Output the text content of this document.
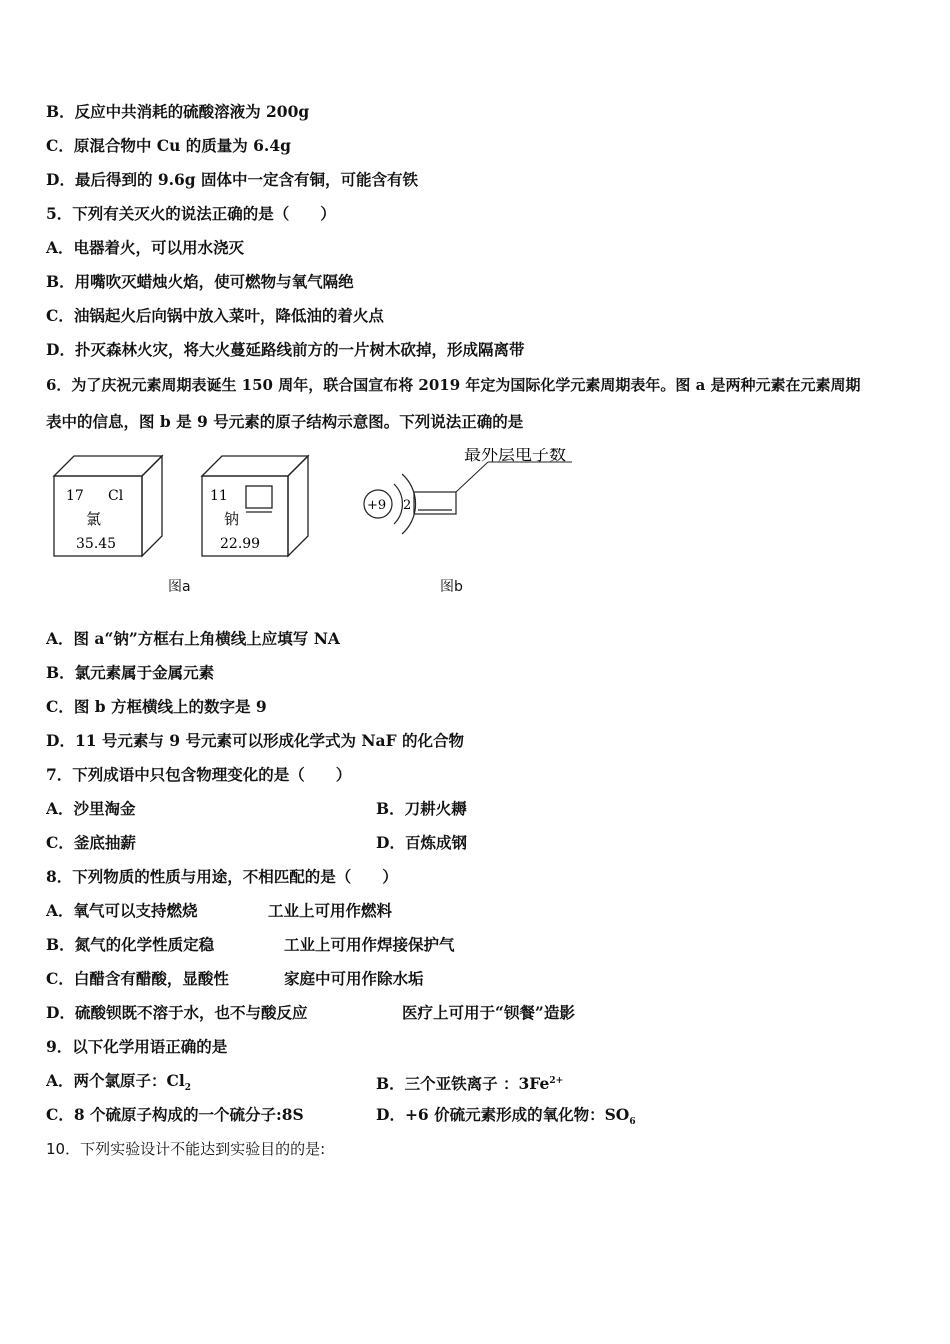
B．反应中共消耗的硫酸溶液为 200g
C．原混合物中 Cu 的质量为 6.4g
D．最后得到的 9.6g 固体中一定含有铜，可能含有铁
5．下列有关灭火的说法正确的是（　　）
A．电器着火，可以用水浇灭
B．用嘴吹灭蜡烛火焰，使可燃物与氧气隔绝
C．油锅起火后向锅中放入菜叶，降低油的着火点
D．扑灭森林火灾，将大火蔓延路线前方的一片树木砍掉，形成隔离带
6．为了庆祝元素周期表诞生 150 周年，联合国宣布将 2019 年定为国际化学元素周期表年。图 a 是两种元素在元素周期
表中的信息，图 b 是 9 号元素的原子结构示意图。下列说法正确的是
17 Cl
氯
35.45
11
钠
22.99
+9 2
最外层电子数
图a	图b
A．图 a“钠”方框右上角横线上应填写 NA
B．氯元素属于金属元素
C．图 b 方框横线上的数字是 9
D．11 号元素与 9 号元素可以形成化学式为 NaF 的化合物
7．下列成语中只包含物理变化的是（　　）
A．沙里淘金	B．刀耕火耨
C．釜底抽薪	D．百炼成钢
8．下列物质的性质与用途，不相匹配的是（　　）
A．氧气可以支持燃烧	工业上可用作燃料
B．氮气的化学性质定稳	工业上可用作焊接保护气
C．白醋含有醋酸，显酸性	家庭中可用作除水垢
D．硫酸钡既不溶于水，也不与酸反应	医疗上可用于“钡餐”造影
9．以下化学用语正确的是
A．两个氯原子：$Cl_2$	B．三个亚铁离子 ：$3Fe^{2+}$
C．8 个硫原子构成的一个硫分子:8S	D．+6 价硫元素形成的氧化物：$SO_6$
10．下列实验设计不能达到实验目的的是:
